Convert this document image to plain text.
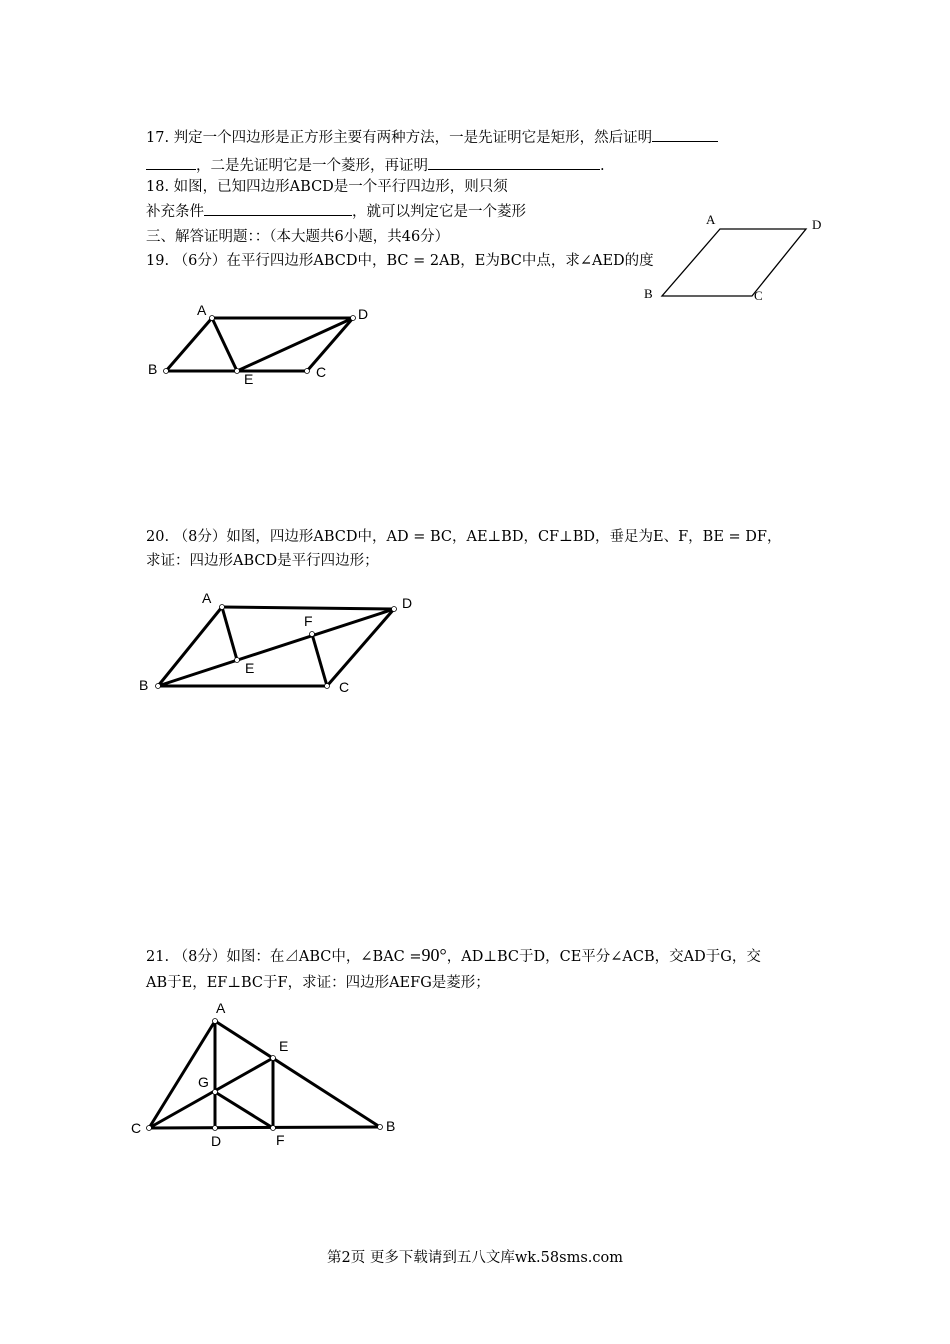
17. 判定一个四边形是正方形主要有两种方法，一是先证明它是矩形，然后证明
，二是先证明它是一个菱形，再证明	.
18. 如图，已知四边形ABCD是一个平行四边形，则只须
补充条件	，就可以判定它是一个菱形
三、解答证明题：：（本大题共6小题，共46分）
19. （6分）在平行四边形ABCD中，BC = 2AB，E为BC中点，求∠AED的度
A	D
B	C
A	D
B
E	C
20. （8分）如图，四边形ABCD中，AD = BC，AE⊥BD，CF⊥BD，垂足为E、F，BE = DF，
求证：四边形ABCD是平行四边形；
A	D
B	C
E
F
21. （8分）如图：在⊿ABC中，∠BAC =90°，AD⊥BC于D，CE平分∠ACB，交AD于G，交
AB于E，EF⊥BC于F，求证：四边形AEFG是菱形；
A
E
G
C	B
D	F
第2页 更多下载请到五八文库wk.58sms.com
